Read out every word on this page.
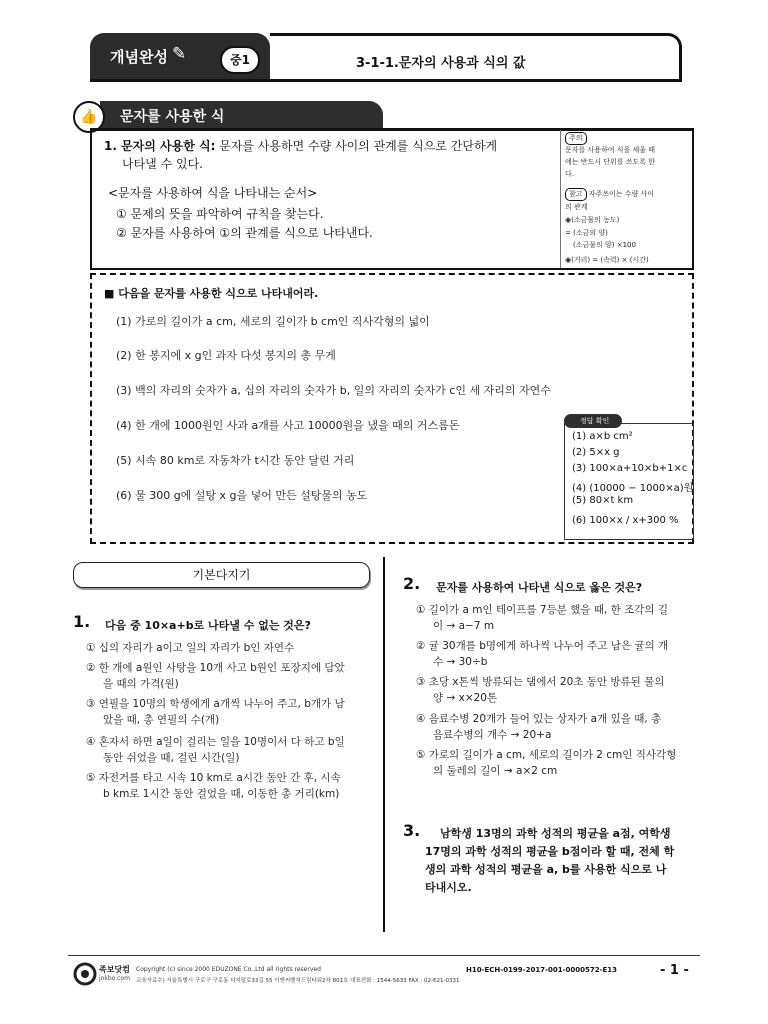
개념완성 ✎	중1	3-1-1.문자의 사용과 식의 값
👍	문자를 사용한 식
1. 문자의 사용한 식: 문자를 사용하면 수량 사이의 관계를 식으로 간단하게
나타낼 수 있다.
<문자를 사용하여 식을 나타내는 순서>
① 문제의 뜻을 파악하여 규칙을 찾는다.
② 문자를 사용하여 ①의 관계를 식으로 나타낸다.
주의
문자를 사용하여 식을 세울 때
에는 반드시 단위를 쓰도록 한
다.
참고 자주쓰이는 수량 사이
의 관계
◉(소금물의 농도)
= (소금의 양)
(소금물의 양) ×100
◉(거리) = (속력) × (시간)
■ 다음을 문자를 사용한 식으로 나타내어라.
(1) 가로의 길이가 a cm, 세로의 길이가 b cm인 직사각형의 넓이
(2) 한 봉지에 x g인 과자 다섯 봉지의 총 무게
(3) 백의 자리의 숫자가 a, 십의 자리의 숫자가 b, 일의 자리의 숫자가 c인 세 자리의 자연수
(4) 한 개에 1000원인 사과 a개를 사고 10000원을 냈을 때의 거스름돈
(5) 시속 80 km로 자동차가 t시간 동안 달린 거리
(6) 물 300 g에 설탕 x g을 넣어 만든 설탕물의 농도
정답 확인
(1) a×b cm²
(2) 5×x g
(3) 100×a+10×b+1×c
(4) (10000 − 1000×a)원
(5) 80×t km
(6) 100×x / x+300 %
기본다지기
1. 다음 중 10×a+b로 나타낼 수 없는 것은?
① 십의 자리가 a이고 일의 자리가 b인 자연수
② 한 개에 a원인 사탕을 10개 사고 b원인 포장지에 담았
을 때의 가격(원)
③ 연필을 10명의 학생에게 a개씩 나누어 주고, b개가 남
았을 때, 총 연필의 수(개)
④ 혼자서 하면 a일이 걸리는 일을 10명이서 다 하고 b일
동안 쉬었을 때, 걸린 시간(일)
⑤ 자전거를 타고 시속 10 km로 a시간 동안 간 후, 시속
b km로 1시간 동안 걸었을 때, 이동한 총 거리(km)
2. 문자를 사용하여 나타낸 식으로 옳은 것은?
① 길이가 a m인 테이프를 7등분 했을 때, 한 조각의 길
이 → a−7 m
② 귤 30개를 b명에게 하나씩 나누어 주고 남은 귤의 개
수 → 30÷b
③ 초당 x톤씩 방류되는 댐에서 20초 동안 방류된 물의
양 → x×20톤
④ 음료수병 20개가 들어 있는 상자가 a개 있을 때, 총
음료수병의 개수 → 20+a
⑤ 가로의 길이가 a cm, 세로의 길이가 2 cm인 직사각형
의 둘레의 길이 → a×2 cm
3. 남학생 13명의 과학 성적의 평균을 a점, 여학생
17명의 과학 성적의 평균을 b점이라 할 때, 전체 학
생의 과학 성적의 평균을 a, b를 사용한 식으로 나
타내시오.
족보닷컴
jokbo.com
Copyright (c) since 2000 EDUZONE Co.,Ltd all rights reserved
교육자료수) 서울특별시 구로구 구로동 디지털로33길 55 이앤씨벤처드림타워2차 801호 대표전화 : 1544-5633 FAX : 02-621-0331
H10-ECH-0199-2017-001-0000572-E13	- 1 -
